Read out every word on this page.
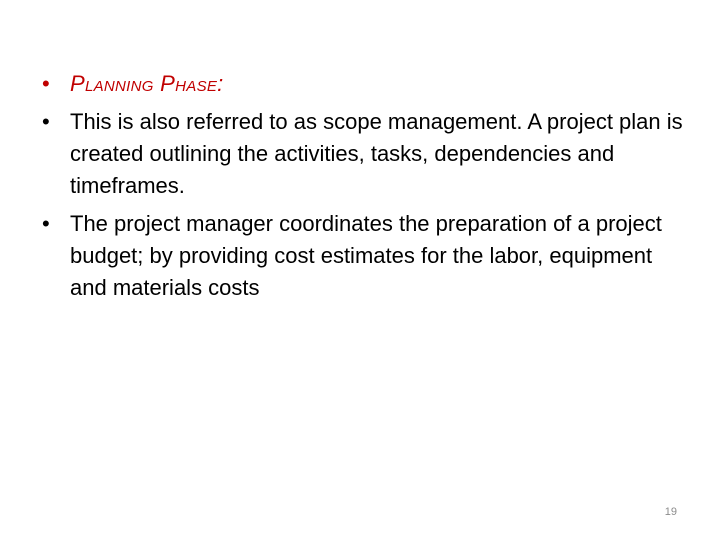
• Planning Phase:
• This is also referred to as scope management. A project plan is created outlining the activities, tasks, dependencies and timeframes.
• The project manager coordinates the preparation of a project budget; by providing cost estimates for the labor, equipment and materials costs
19
